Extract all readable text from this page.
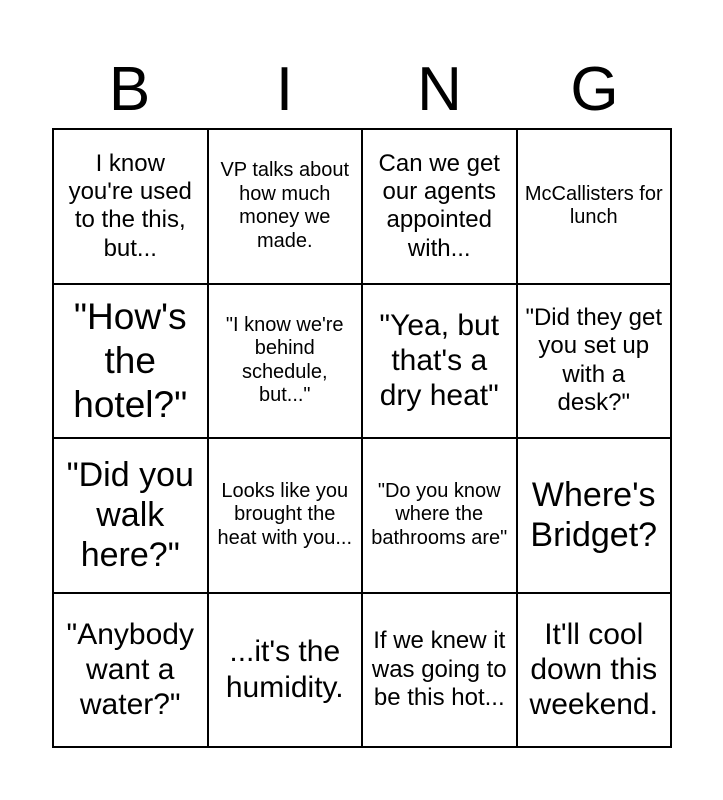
B	I	N	G
I know you're used to the this, but...
VP talks about how much money we made.
Can we get our agents appointed with...
McCallisters for lunch
"How's the hotel?"
"I know we're behind schedule, but..."
"Yea, but that's a dry heat"
"Did they get you set up with a desk?"
"Did you walk here?"
Looks like you brought the heat with you...
"Do you know where the bathrooms are"
Where's Bridget?
"Anybody want a water?"
...it's the humidity.
If we knew it was going to be this hot...
It'll cool down this weekend.
